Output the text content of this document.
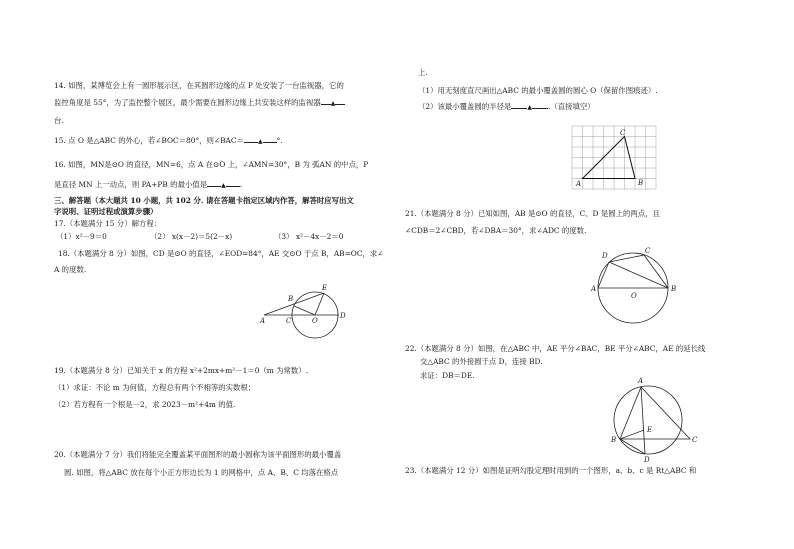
14. 如图，某博览会上有一圆形展示区，在其圆形边缘的点 P 处安装了一台监视器，它的
监控角度是 55°，为了监控整个展区，最少需要在圆形边缘上共安装这样的监视器 ▲
台.
15. 点 O 是△ABC 的外心，若∠BOC＝80°，则∠BAC＝ ▲ °.
16. 如图，MN是⊙O 的直径，MN=6，点 A 在⊙O 上，∠AMN=30°，B 为 弧AN 的中点，P
是直径 MN 上一动点，则 PA+PB 的最小值是 ▲ .
三、解答题（本大题共 10 小题，共 102 分. 请在答题卡指定区域内作答，解答时应写出文
字说明、证明过程或演算步骤）
17.（本题满分 15 分）解方程：
（1）x²－9＝0	（2） x(x－2)＝5(2－x)	（3） x²－4x－2＝0
18.（本题满分 8 分）如图，CD 是⊙O 的直径，∠EOD=84°，AE 交⊙O 于点 B，AB=OC，求∠
A 的度数.
A
B
C	O
D
E
19.（本题满分 8 分）已知关于 x 的方程 x²+2mx+m²－1＝0（m 为常数）.
（1）求证：不论 m 为何值，方程总有两个不相等的实数根；
（2）若方程有一个根是－2，求 2023－m²+4m 的值.
20.（本题满分 7 分）我们将能完全覆盖某平面图形的最小圆称为该平面图形的最小覆盖
圆. 如图，将△ABC 放在每个小正方形边长为 1 的网格中，点 A、B、C 均落在格点
上.
（1）用无刻度直尺画出△ABC 的最小覆盖圆的圆心 O（保留作图痕迹）.
（2）该最小覆盖圆的半径是	▲ .（直接填空）
A
C
B
21.（本题满分 8 分）已知如图，AB 是⊙O 的直径，C、D 是圆上的两点，且
∠CDB＝2∠CBD，若∠DBA＝30°，求∠ADC 的度数.
A	B
C
D
O
22.（本题满分 8 分）如图，在△ABC 中，AE 平分∠BAC，BE 平分∠ABC，AE 的延长线
交△ABC 的外接圆于点 D，连接 BD.
求证：DB＝DE.
A
B	C
D
E
23.（本题满分 12 分）如图是证明勾股定理时用到的一个图形，a、b、c 是 Rt△ABC 和
